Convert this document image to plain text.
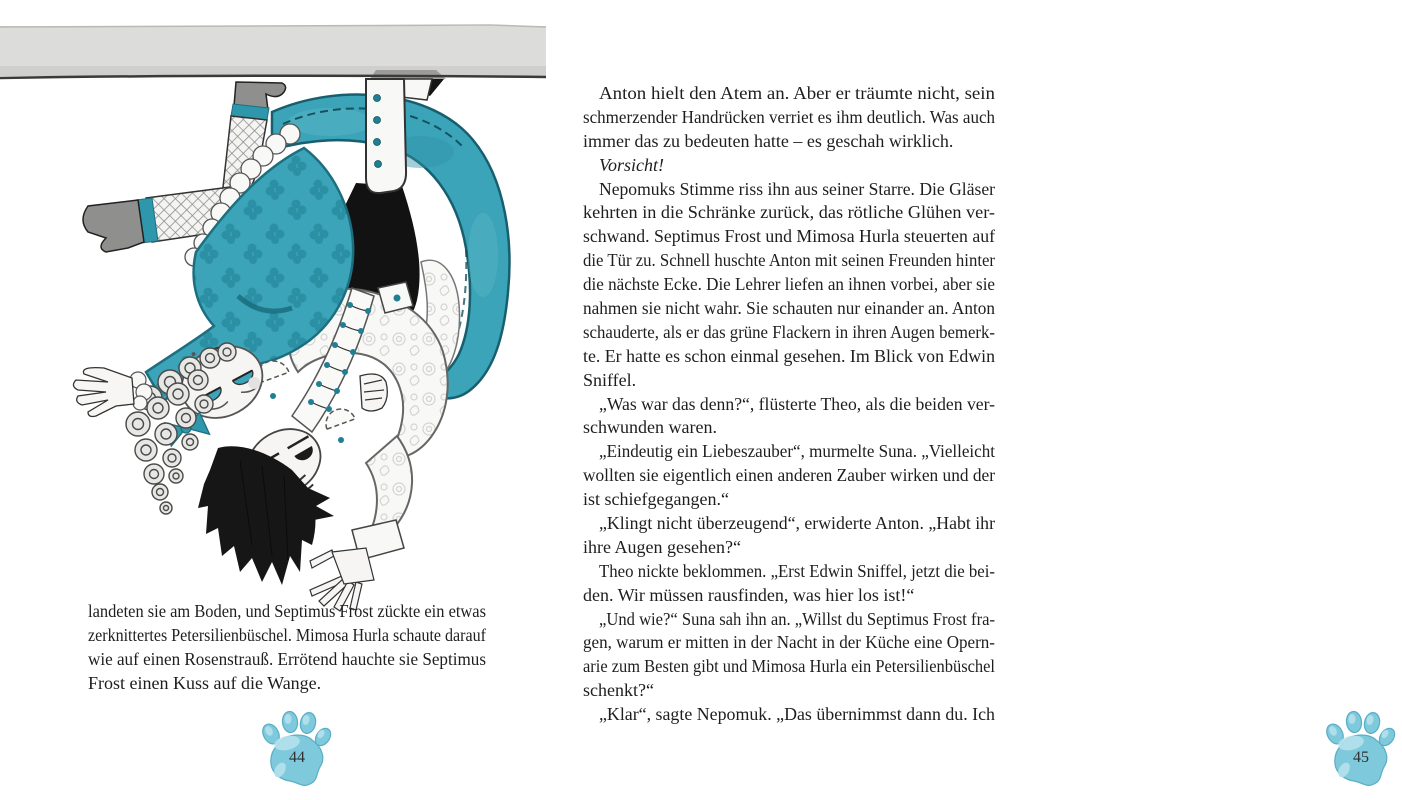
landeten sie am Boden, und Septimus Frost zückte ein etwas
zerknittertes Petersilienbüschel. Mimosa Hurla schaute darauf
wie auf einen Rosenstrauß. Errötend hauchte sie Septimus
Frost einen Kuss auf die Wange.
44
Anton hielt den Atem an. Aber er träumte nicht, sein
schmerzender Handrücken verriet es ihm deutlich. Was auch
immer das zu bedeuten hatte – es geschah wirklich.
Vorsicht!
Nepomuks Stimme riss ihn aus seiner Starre. Die Gläser
kehrten in die Schränke zurück, das rötliche Glühen ver-
schwand. Septimus Frost und Mimosa Hurla steuerten auf
die Tür zu. Schnell huschte Anton mit seinen Freunden hinter
die nächste Ecke. Die Lehrer liefen an ihnen vorbei, aber sie
nahmen sie nicht wahr. Sie schauten nur einander an. Anton
schauderte, als er das grüne Flackern in ihren Augen bemerk-
te. Er hatte es schon einmal gesehen. Im Blick von Edwin
Sniffel.
„Was war das denn?“, flüsterte Theo, als die beiden ver-
schwunden waren.
„Eindeutig ein Liebeszauber“, murmelte Suna. „Vielleicht
wollten sie eigentlich einen anderen Zauber wirken und der
ist schiefgegangen.“
„Klingt nicht überzeugend“, erwiderte Anton. „Habt ihr
ihre Augen gesehen?“
Theo nickte beklommen. „Erst Edwin Sniffel, jetzt die bei-
den. Wir müssen rausfinden, was hier los ist!“
„Und wie?“ Suna sah ihn an. „Willst du Septimus Frost fra-
gen, warum er mitten in der Nacht in der Küche eine Opern-
arie zum Besten gibt und Mimosa Hurla ein Petersilienbüschel
schenkt?“
„Klar“, sagte Nepomuk. „Das übernimmst dann du. Ich
45
